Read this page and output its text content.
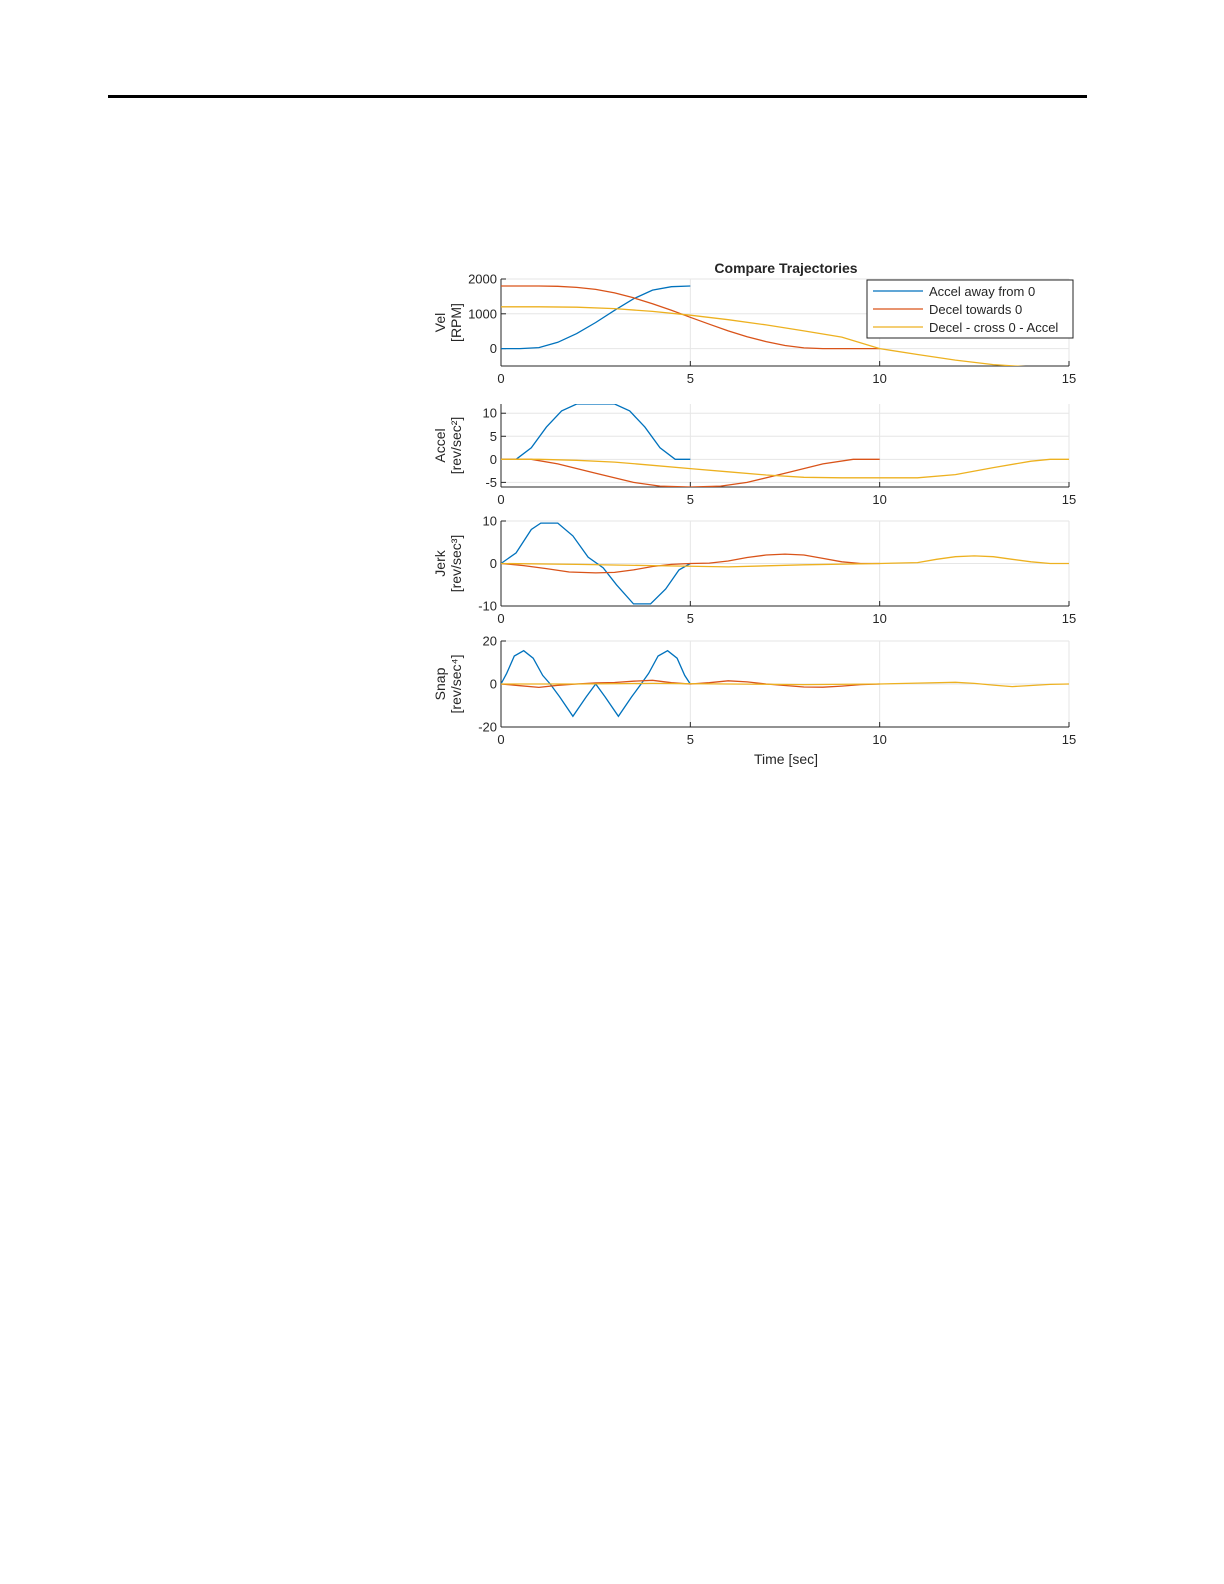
Compare Trajectories
Time [sec]
0	5	10	15
0
1000
2000
Vel [RPM]
Accel away from 0
Decel towards 0
Decel - cross 0 - Accel
0	5	10	15
-5
0
5
10
Accel [rev/sec²]
0	5	10	15
-10
0
10
Jerk [rev/sec³]
0	5	10	15
-20
0
20
Snap [rev/sec⁴]
